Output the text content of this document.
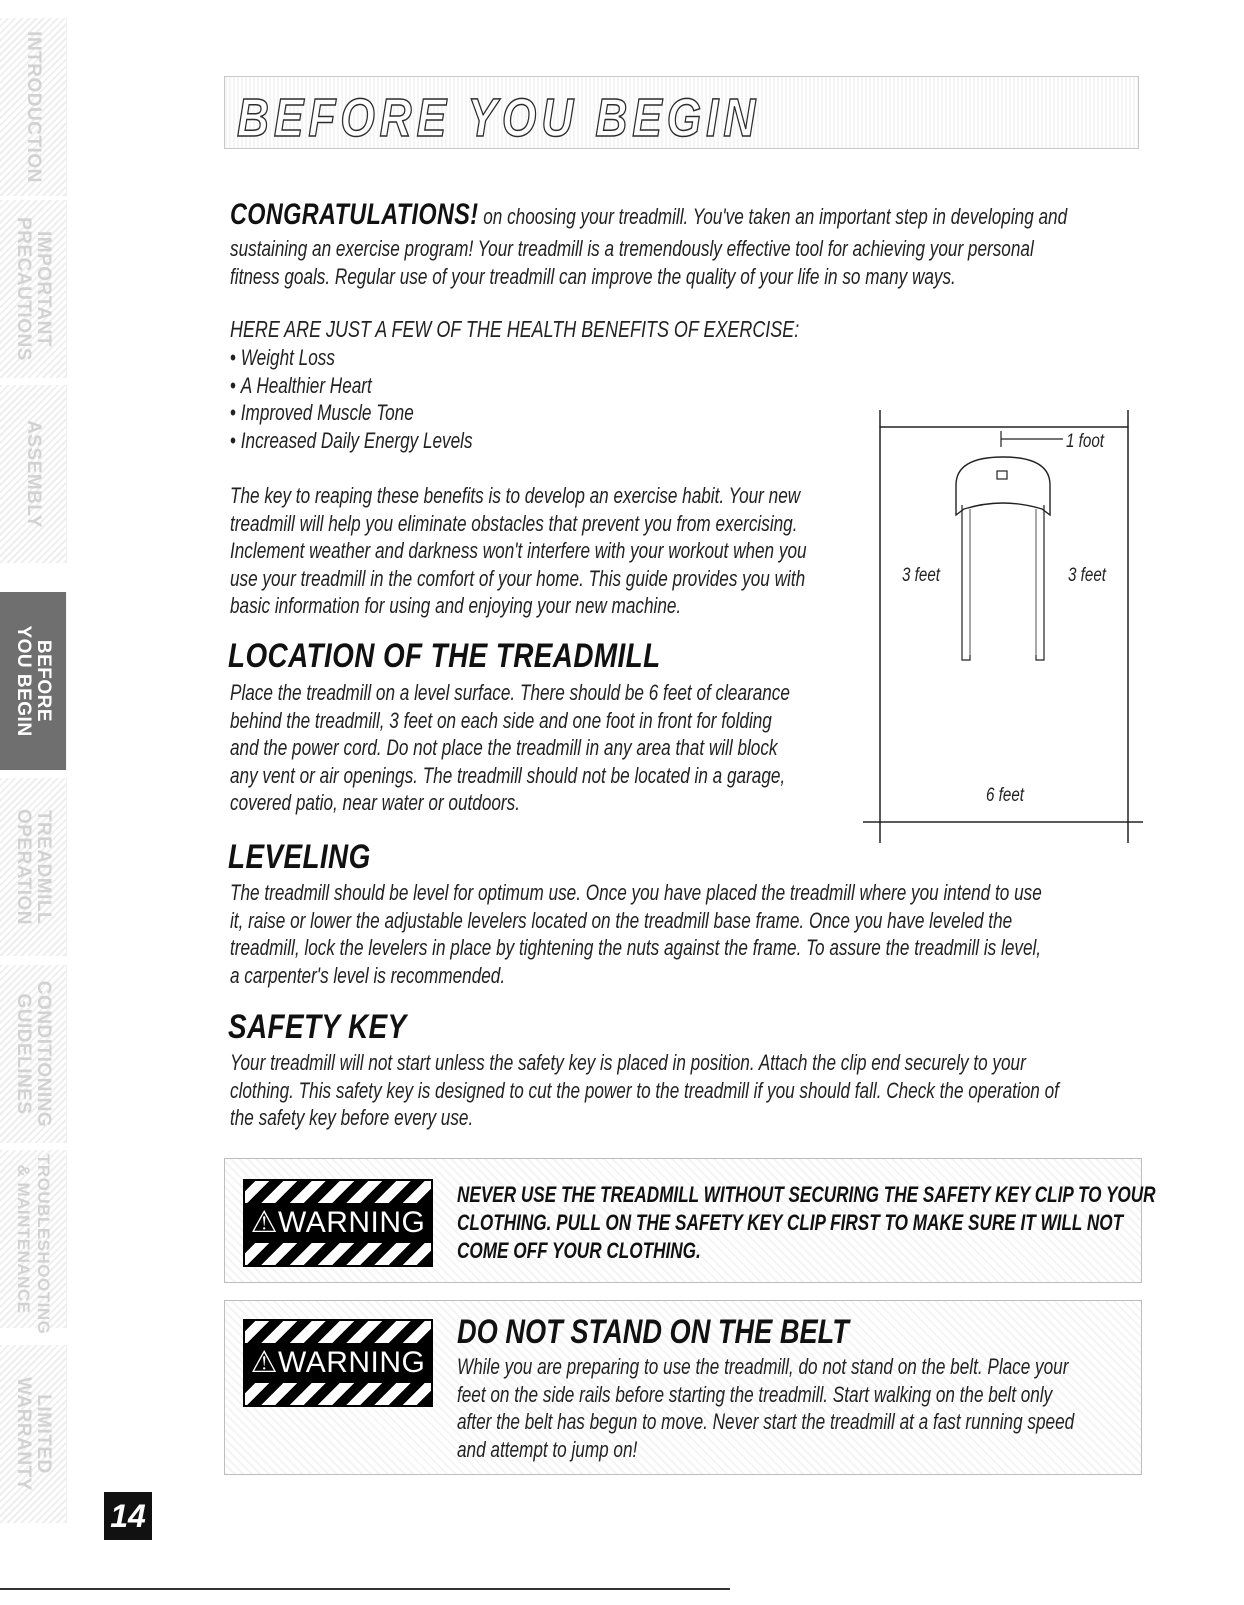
INTRODUCTION
IMPORTANT PRECAUTIONS
ASSEMBLY
BEFORE YOU BEGIN
TREADMILL OPERATION
CONDITIONING GUIDELINES
TROUBLESHOOTING & MAINTENANCE
LIMITED WARRANTY
14
BEFORE YOU BEGIN
CONGRATULATIONS! on choosing your treadmill. You've taken an important step in developing and
sustaining an exercise program! Your treadmill is a tremendously effective tool for achieving your personal
fitness goals. Regular use of your treadmill can improve the quality of your life in so many ways.
HERE ARE JUST A FEW OF THE HEALTH BENEFITS OF EXERCISE:
• Weight Loss
• A Healthier Heart
• Improved Muscle Tone
• Increased Daily Energy Levels
The key to reaping these benefits is to develop an exercise habit. Your new
treadmill will help you eliminate obstacles that prevent you from exercising.
Inclement weather and darkness won't interfere with your workout when you
use your treadmill in the comfort of your home. This guide provides you with
basic information for using and enjoying your new machine.
LOCATION OF THE TREADMILL
Place the treadmill on a level surface. There should be 6 feet of clearance
behind the treadmill, 3 feet on each side and one foot in front for folding
and the power cord. Do not place the treadmill in any area that will block
any vent or air openings. The treadmill should not be located in a garage,
covered patio, near water or outdoors.
1 foot
3 feet	3 feet
6 feet
LEVELING
The treadmill should be level for optimum use. Once you have placed the treadmill where you intend to use
it, raise or lower the adjustable levelers located on the treadmill base frame. Once you have leveled the
treadmill, lock the levelers in place by tightening the nuts against the frame. To assure the treadmill is level,
a carpenter's level is recommended.
SAFETY KEY
Your treadmill will not start unless the safety key is placed in position. Attach the clip end securely to your
clothing. This safety key is designed to cut the power to the treadmill if you should fall. Check the operation of
the safety key before every use.
⚠WARNING
NEVER USE THE TREADMILL WITHOUT SECURING THE SAFETY KEY CLIP TO YOUR
CLOTHING. PULL ON THE SAFETY KEY CLIP FIRST TO MAKE SURE IT WILL NOT
COME OFF YOUR CLOTHING.
⚠WARNING
DO NOT STAND ON THE BELT
While you are preparing to use the treadmill, do not stand on the belt. Place your
feet on the side rails before starting the treadmill. Start walking on the belt only
after the belt has begun to move. Never start the treadmill at a fast running speed
and attempt to jump on!
